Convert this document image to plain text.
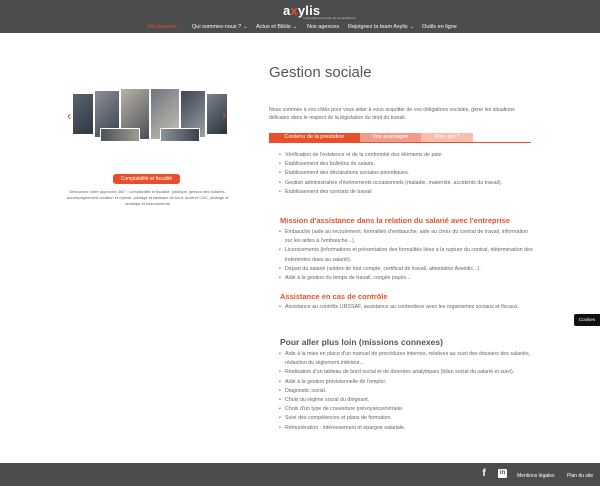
axylis
L'expertise au service de vos ambitions
Vos besoins ⌄ Qui sommes-nous ? ⌄ Actus et Biblio ⌄ Nos agences Rejoignez la team Axylis ⌄ Outils en ligne
‹	›
Comptabilité et fiscalité
Découvrez notre approche 360° : comptabilité et fiscalité, juridique, gestion des salariés, accompagnement création et reprise, pilotage et tableaux de bord, audit et CAC, pilotage et stratégie et financements
Gestion sociale

Nous sommes à vos côtés pour vous aider à vous acquitter de vos obligations sociales, gérer les situations délicates dans le respect de la législation du droit du travail.

Contenu de la prestation	Vos avantages	Pour qui ?
• Vérification de l'existence et de la conformité des éléments de paie.
• Établissement des bulletins de salaire.
• Établissement des déclarations sociales périodiques.
• Gestion administrative d'événements occasionnels (maladie, maternité, accidents du travail).
• Établissement des contrats de travail
Mission d'assistance dans la relation du salarié avec l'entreprise
• Embauche (aide au recrutement, formalités d'embauche, aide au choix du contrat de travail, information sur les aides à l'embauche...).
• Licenciements (informations et présentation des formalités liées à la rupture du contrat, détermination des indemnités dues au salarié).
• Départ du salarié (soldes de tout compte, certificat de travail, attestation Assédic...).
• Aide à la gestion du temps de travail, congés payés...
Assistance en cas de contrôle
• Assistance au contrôle URSSAF, assistance au contentieux avec les organismes sociaux et fiscaux.
Pour aller plus loin (missions connexes)
• Aide à la mise en place d'un manuel de procédures internes, relatives au suivi des dossiers des salariés, rédaction du règlement intérieur...
• Réalisation d'un tableau de bord social et de données analytiques (bilan social du salarié et suivi).
• Aide à la gestion prévisionnelle de l'emploi.
• Diagnostic social.
• Choix du régime social du dirigeant.
• Choix d'un type de couverture prévoyance/retraite.
• Suivi des compétences et plans de formation.
• Rémunération : intéressement et épargne salariale.
Cookies
f	in	Mentions légales Plan du site
